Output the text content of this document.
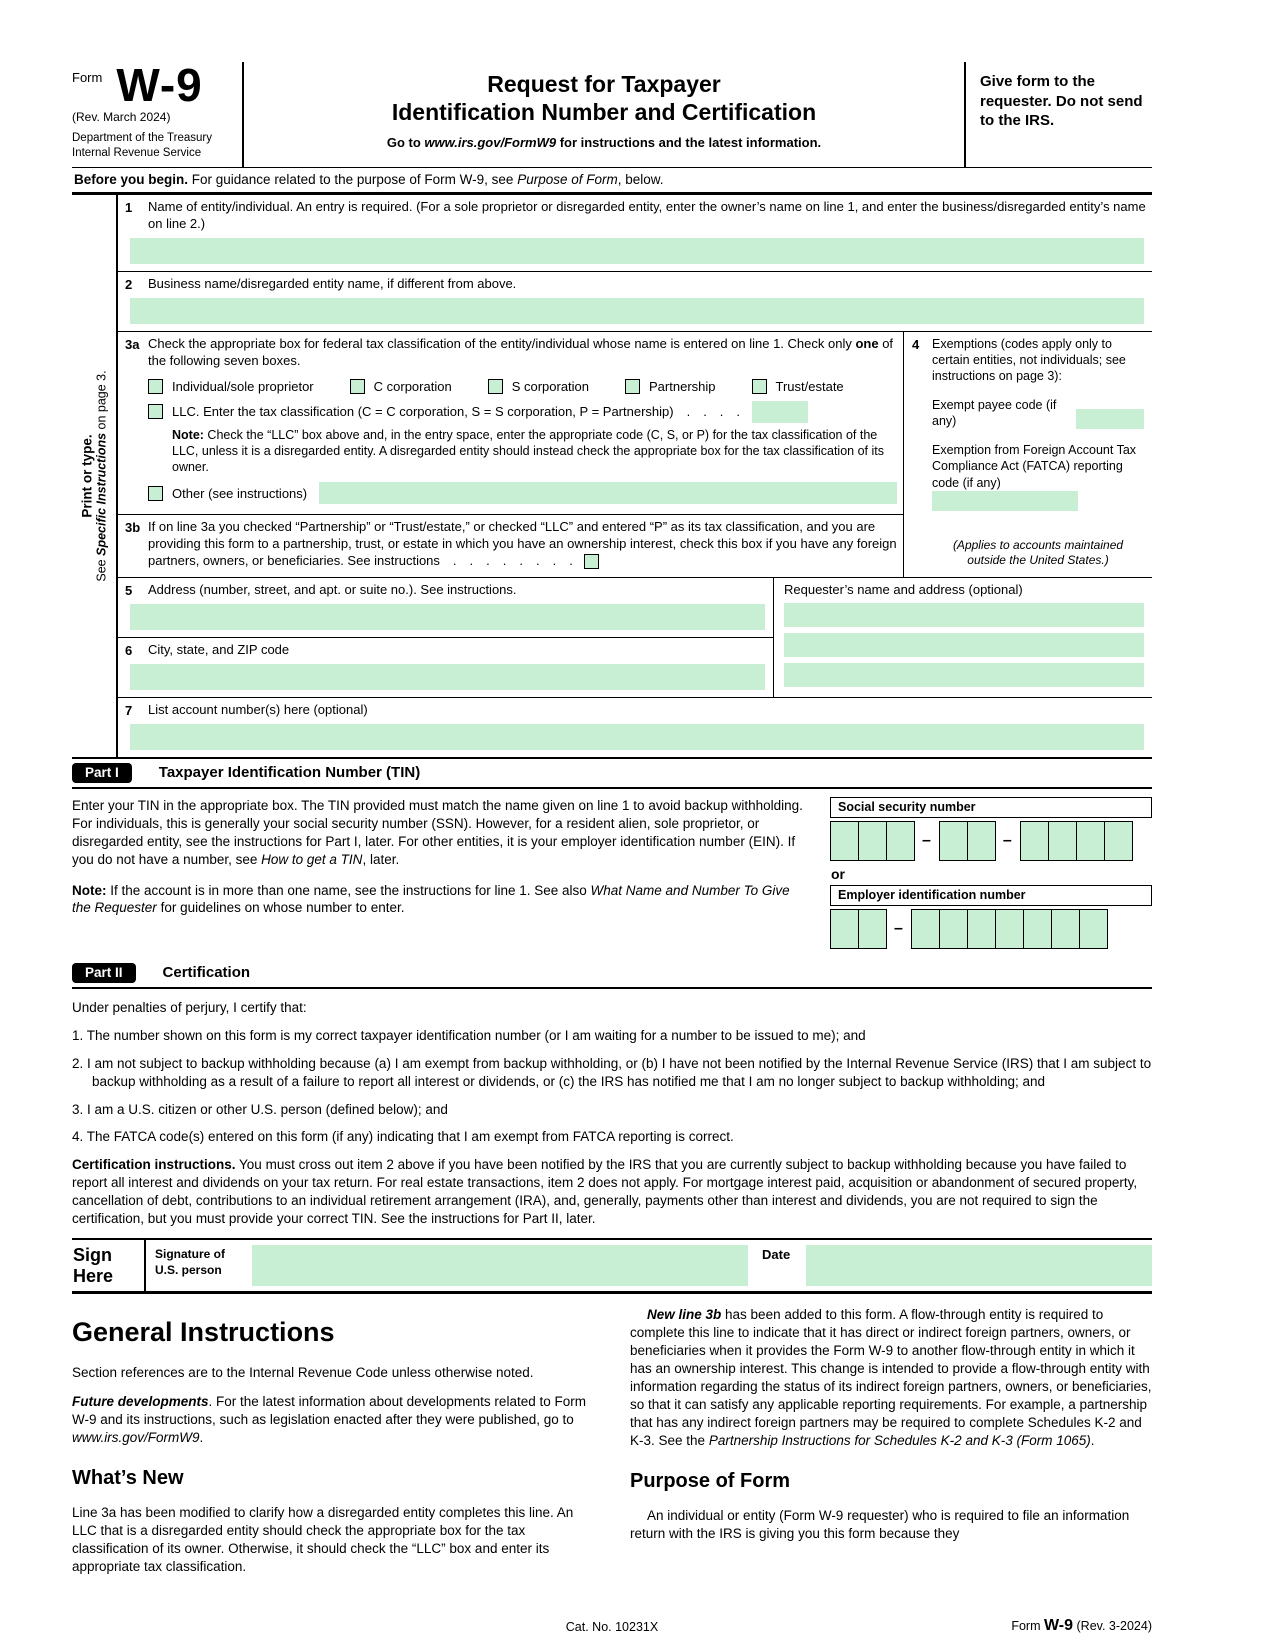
Form W-9
(Rev. March 2024)
Department of the Treasury
Internal Revenue Service
Request for Taxpayer
Identification Number and Certification
Go to www.irs.gov/FormW9 for instructions and the latest information.
Give form to the requester. Do not send to the IRS.
Before you begin. For guidance related to the purpose of Form W-9, see Purpose of Form, below.
Print or type.
See Specific Instructions on page 3.
1 Name of entity/individual. An entry is required. (For a sole proprietor or disregarded entity, enter the owner’s name on line 1, and enter the business/disregarded entity’s name on line 2.)
2 Business name/disregarded entity name, if different from above.
3a Check the appropriate box for federal tax classification of the entity/individual whose name is entered on line 1. Check only one of the following seven boxes.
Individual/sole proprietor	C corporation	S corporation	Partnership	Trust/estate
LLC. Enter the tax classification (C = C corporation, S = S corporation, P = Partnership) . . . .
Note: Check the “LLC” box above and, in the entry space, enter the appropriate code (C, S, or P) for the tax classification of the LLC, unless it is a disregarded entity. A disregarded entity should instead check the appropriate box for the tax classification of its owner.
Other (see instructions)
3b If on line 3a you checked “Partnership” or “Trust/estate,” or checked “LLC” and entered “P” as its tax classification, and you are providing this form to a partnership, trust, or estate in which you have an ownership interest, check this box if you have any foreign partners, owners, or beneficiaries. See instructions . . . . . . . .
4 Exemptions (codes apply only to certain entities, not individuals; see instructions on page 3):
Exempt payee code (if any)
Exemption from Foreign Account Tax Compliance Act (FATCA) reporting code (if any)
(Applies to accounts maintained outside the United States.)
5 Address (number, street, and apt. or suite no.). See instructions.
6 City, state, and ZIP code
Requester’s name and address (optional)
7 List account number(s) here (optional)
Part I	Taxpayer Identification Number (TIN)
Enter your TIN in the appropriate box. The TIN provided must match the name given on line 1 to avoid backup withholding. For individuals, this is generally your social security number (SSN). However, for a resident alien, sole proprietor, or disregarded entity, see the instructions for Part I, later. For other entities, it is your employer identification number (EIN). If you do not have a number, see How to get a TIN, later.
Note: If the account is in more than one name, see the instructions for line 1. See also What Name and Number To Give the Requester for guidelines on whose number to enter.
Social security number
–	–
or
Employer identification number
–
Part II	Certification
Under penalties of perjury, I certify that:
1. The number shown on this form is my correct taxpayer identification number (or I am waiting for a number to be issued to me); and
2. I am not subject to backup withholding because (a) I am exempt from backup withholding, or (b) I have not been notified by the Internal Revenue Service (IRS) that I am subject to backup withholding as a result of a failure to report all interest or dividends, or (c) the IRS has notified me that I am no longer subject to backup withholding; and
3. I am a U.S. citizen or other U.S. person (defined below); and
4. The FATCA code(s) entered on this form (if any) indicating that I am exempt from FATCA reporting is correct.
Certification instructions. You must cross out item 2 above if you have been notified by the IRS that you are currently subject to backup withholding because you have failed to report all interest and dividends on your tax return. For real estate transactions, item 2 does not apply. For mortgage interest paid, acquisition or abandonment of secured property, cancellation of debt, contributions to an individual retirement arrangement (IRA), and, generally, payments other than interest and dividends, you are not required to sign the certification, but you must provide your correct TIN. See the instructions for Part II, later.
Sign
Here
Signature of
U.S. person
Date
General Instructions

Section references are to the Internal Revenue Code unless otherwise noted.

Future developments. For the latest information about developments related to Form W-9 and its instructions, such as legislation enacted after they were published, go to www.irs.gov/FormW9.

What’s New

Line 3a has been modified to clarify how a disregarded entity completes this line. An LLC that is a disregarded entity should check the appropriate box for the tax classification of its owner. Otherwise, it should check the “LLC” box and enter its appropriate tax classification.

New line 3b has been added to this form. A flow-through entity is required to complete this line to indicate that it has direct or indirect foreign partners, owners, or beneficiaries when it provides the Form W-9 to another flow-through entity in which it has an ownership interest. This change is intended to provide a flow-through entity with information regarding the status of its indirect foreign partners, owners, or beneficiaries, so that it can satisfy any applicable reporting requirements. For example, a partnership that has any indirect foreign partners may be required to complete Schedules K-2 and K-3. See the Partnership Instructions for Schedules K-2 and K-3 (Form 1065).

Purpose of Form

An individual or entity (Form W-9 requester) who is required to file an information return with the IRS is giving you this form because they

Cat. No. 10231X	Form W-9 (Rev. 3-2024)
